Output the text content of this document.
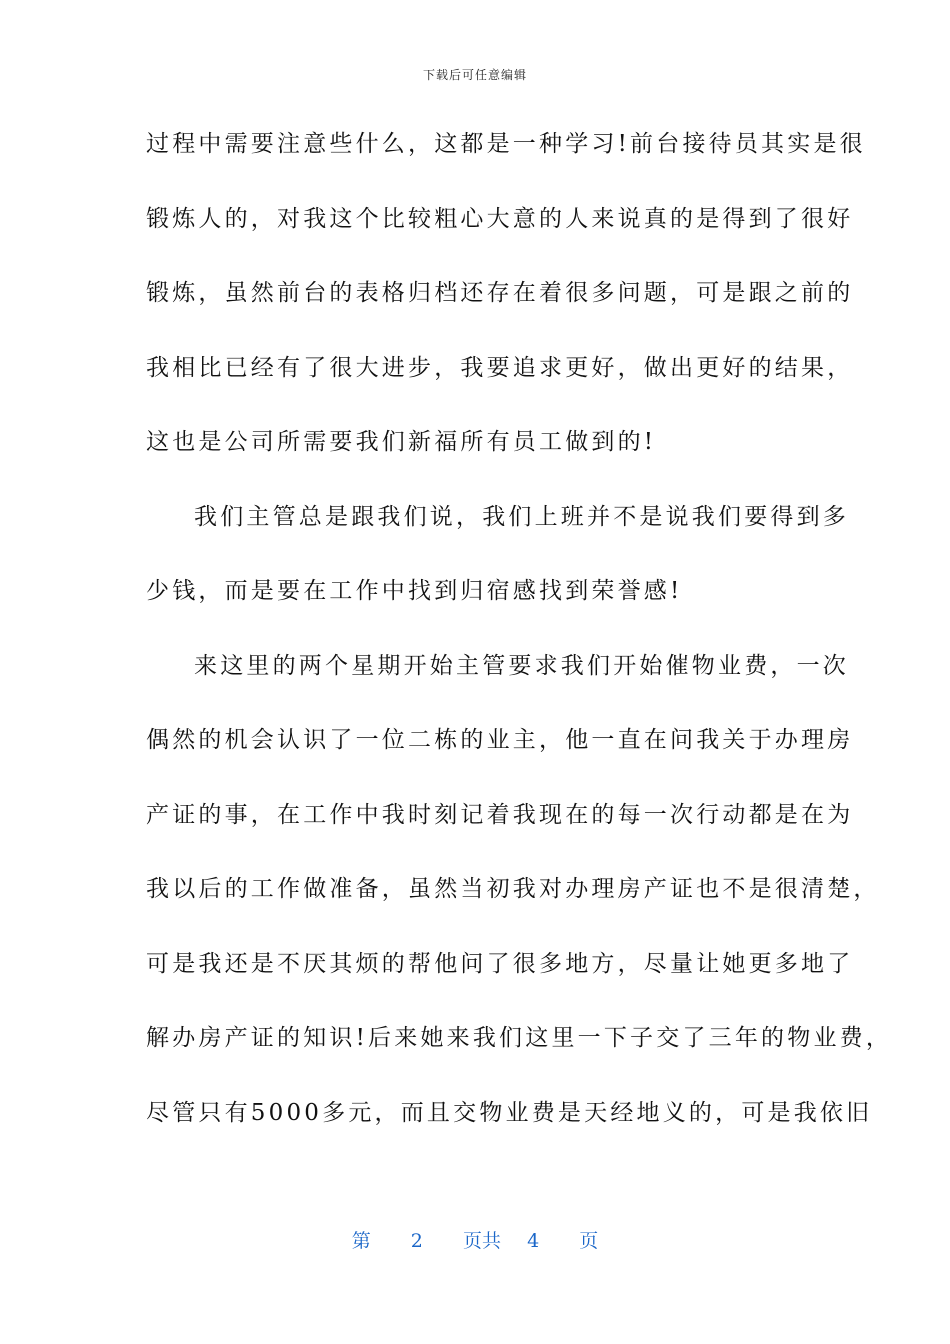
下载后可任意编辑
过程中需要注意些什么，这都是一种学习!前台接待员其实是很
锻炼人的，对我这个比较粗心大意的人来说真的是得到了很好
锻炼，虽然前台的表格归档还存在着很多问题，可是跟之前的
我相比已经有了很大进步，我要追求更好，做出更好的结果，
这也是公司所需要我们新福所有员工做到的!
我们主管总是跟我们说，我们上班并不是说我们要得到多
少钱，而是要在工作中找到归宿感找到荣誉感!
来这里的两个星期开始主管要求我们开始催物业费，一次
偶然的机会认识了一位二栋的业主，他一直在问我关于办理房
产证的事，在工作中我时刻记着我现在的每一次行动都是在为
我以后的工作做准备，虽然当初我对办理房产证也不是很清楚，
可是我还是不厌其烦的帮他问了很多地方，尽量让她更多地了
解办房产证的知识!后来她来我们这里一下子交了三年的物业费，
尽管只有5000多元，而且交物业费是天经地义的，可是我依旧
第 2 页共 4 页
